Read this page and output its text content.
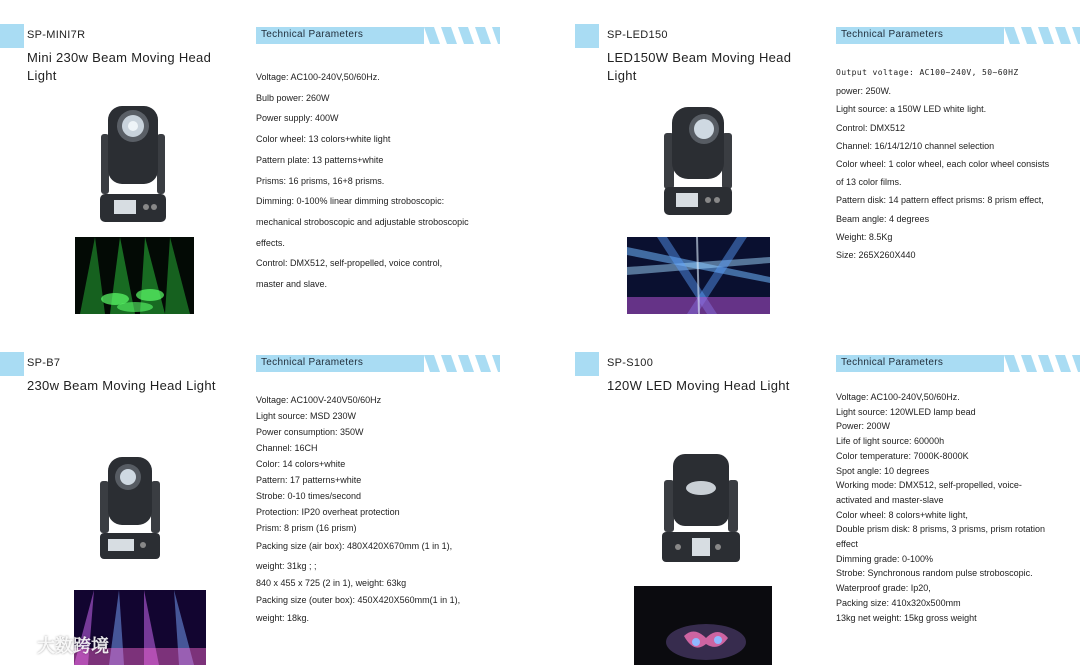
SP-MINI7R
Mini 230w Beam Moving Head
Light
Technical Parameters
Voltage: AC100-240V,50/60Hz.
Bulb power: 260W
Power supply: 400W
Color wheel: 13 colors+white light
Pattern plate: 13 patterns+white
Prisms: 16 prisms, 16+8 prisms.
Dimming: 0-100% linear dimming stroboscopic:
mechanical stroboscopic and adjustable stroboscopic
effects.
Control: DMX512, self-propelled, voice control,
master and slave.
SP-LED150
LED150W Beam Moving Head
Light
Technical Parameters
Output voltage: AC100~240V, 50~60HZ
power: 250W.
Light source: a 150W LED white light.
Control: DMX512
Channel: 16/14/12/10 channel selection
Color wheel: 1 color wheel, each color wheel consists
of 13 color films.
Pattern disk: 14 pattern effect prisms: 8 prism effect,
Beam angle: 4 degrees
Weight: 8.5Kg
Size: 265X260X440
SP-B7
230w Beam Moving Head Light
Technical Parameters
Voltage: AC100V-240V50/60Hz
Light source: MSD 230W
Power consumption: 350W
Channel: 16CH
Color: 14 colors+white
Pattern: 17 patterns+white
Strobe: 0-10 times/second
Protection: IP20 overheat protection
Prism: 8 prism (16 prism)
Packing size (air box): 480X420X670mm (1 in 1),
weight: 31kg ; ;
840 x 455 x 725 (2 in 1), weight: 63kg
Packing size (outer box): 450X420X560mm(1 in 1),
weight: 18kg.
SP-S100
120W LED Moving Head Light
Technical Parameters
Voltage: AC100-240V,50/60Hz.
Light source: 120WLED lamp bead
Power: 200W
Life of light source: 60000h
Color temperature: 7000K-8000K
Spot angle: 10 degrees
Working mode: DMX512, self-propelled, voice-
activated and master-slave
Color wheel: 8 colors+white light,
Double prism disk: 8 prisms, 3 prisms, prism rotation
effect
Dimming grade: 0-100%
Strobe: Synchronous random pulse stroboscopic.
Waterproof grade: Ip20,
Packing size: 410x320x500mm
13kg net weight: 15kg gross weight
大数跨境
